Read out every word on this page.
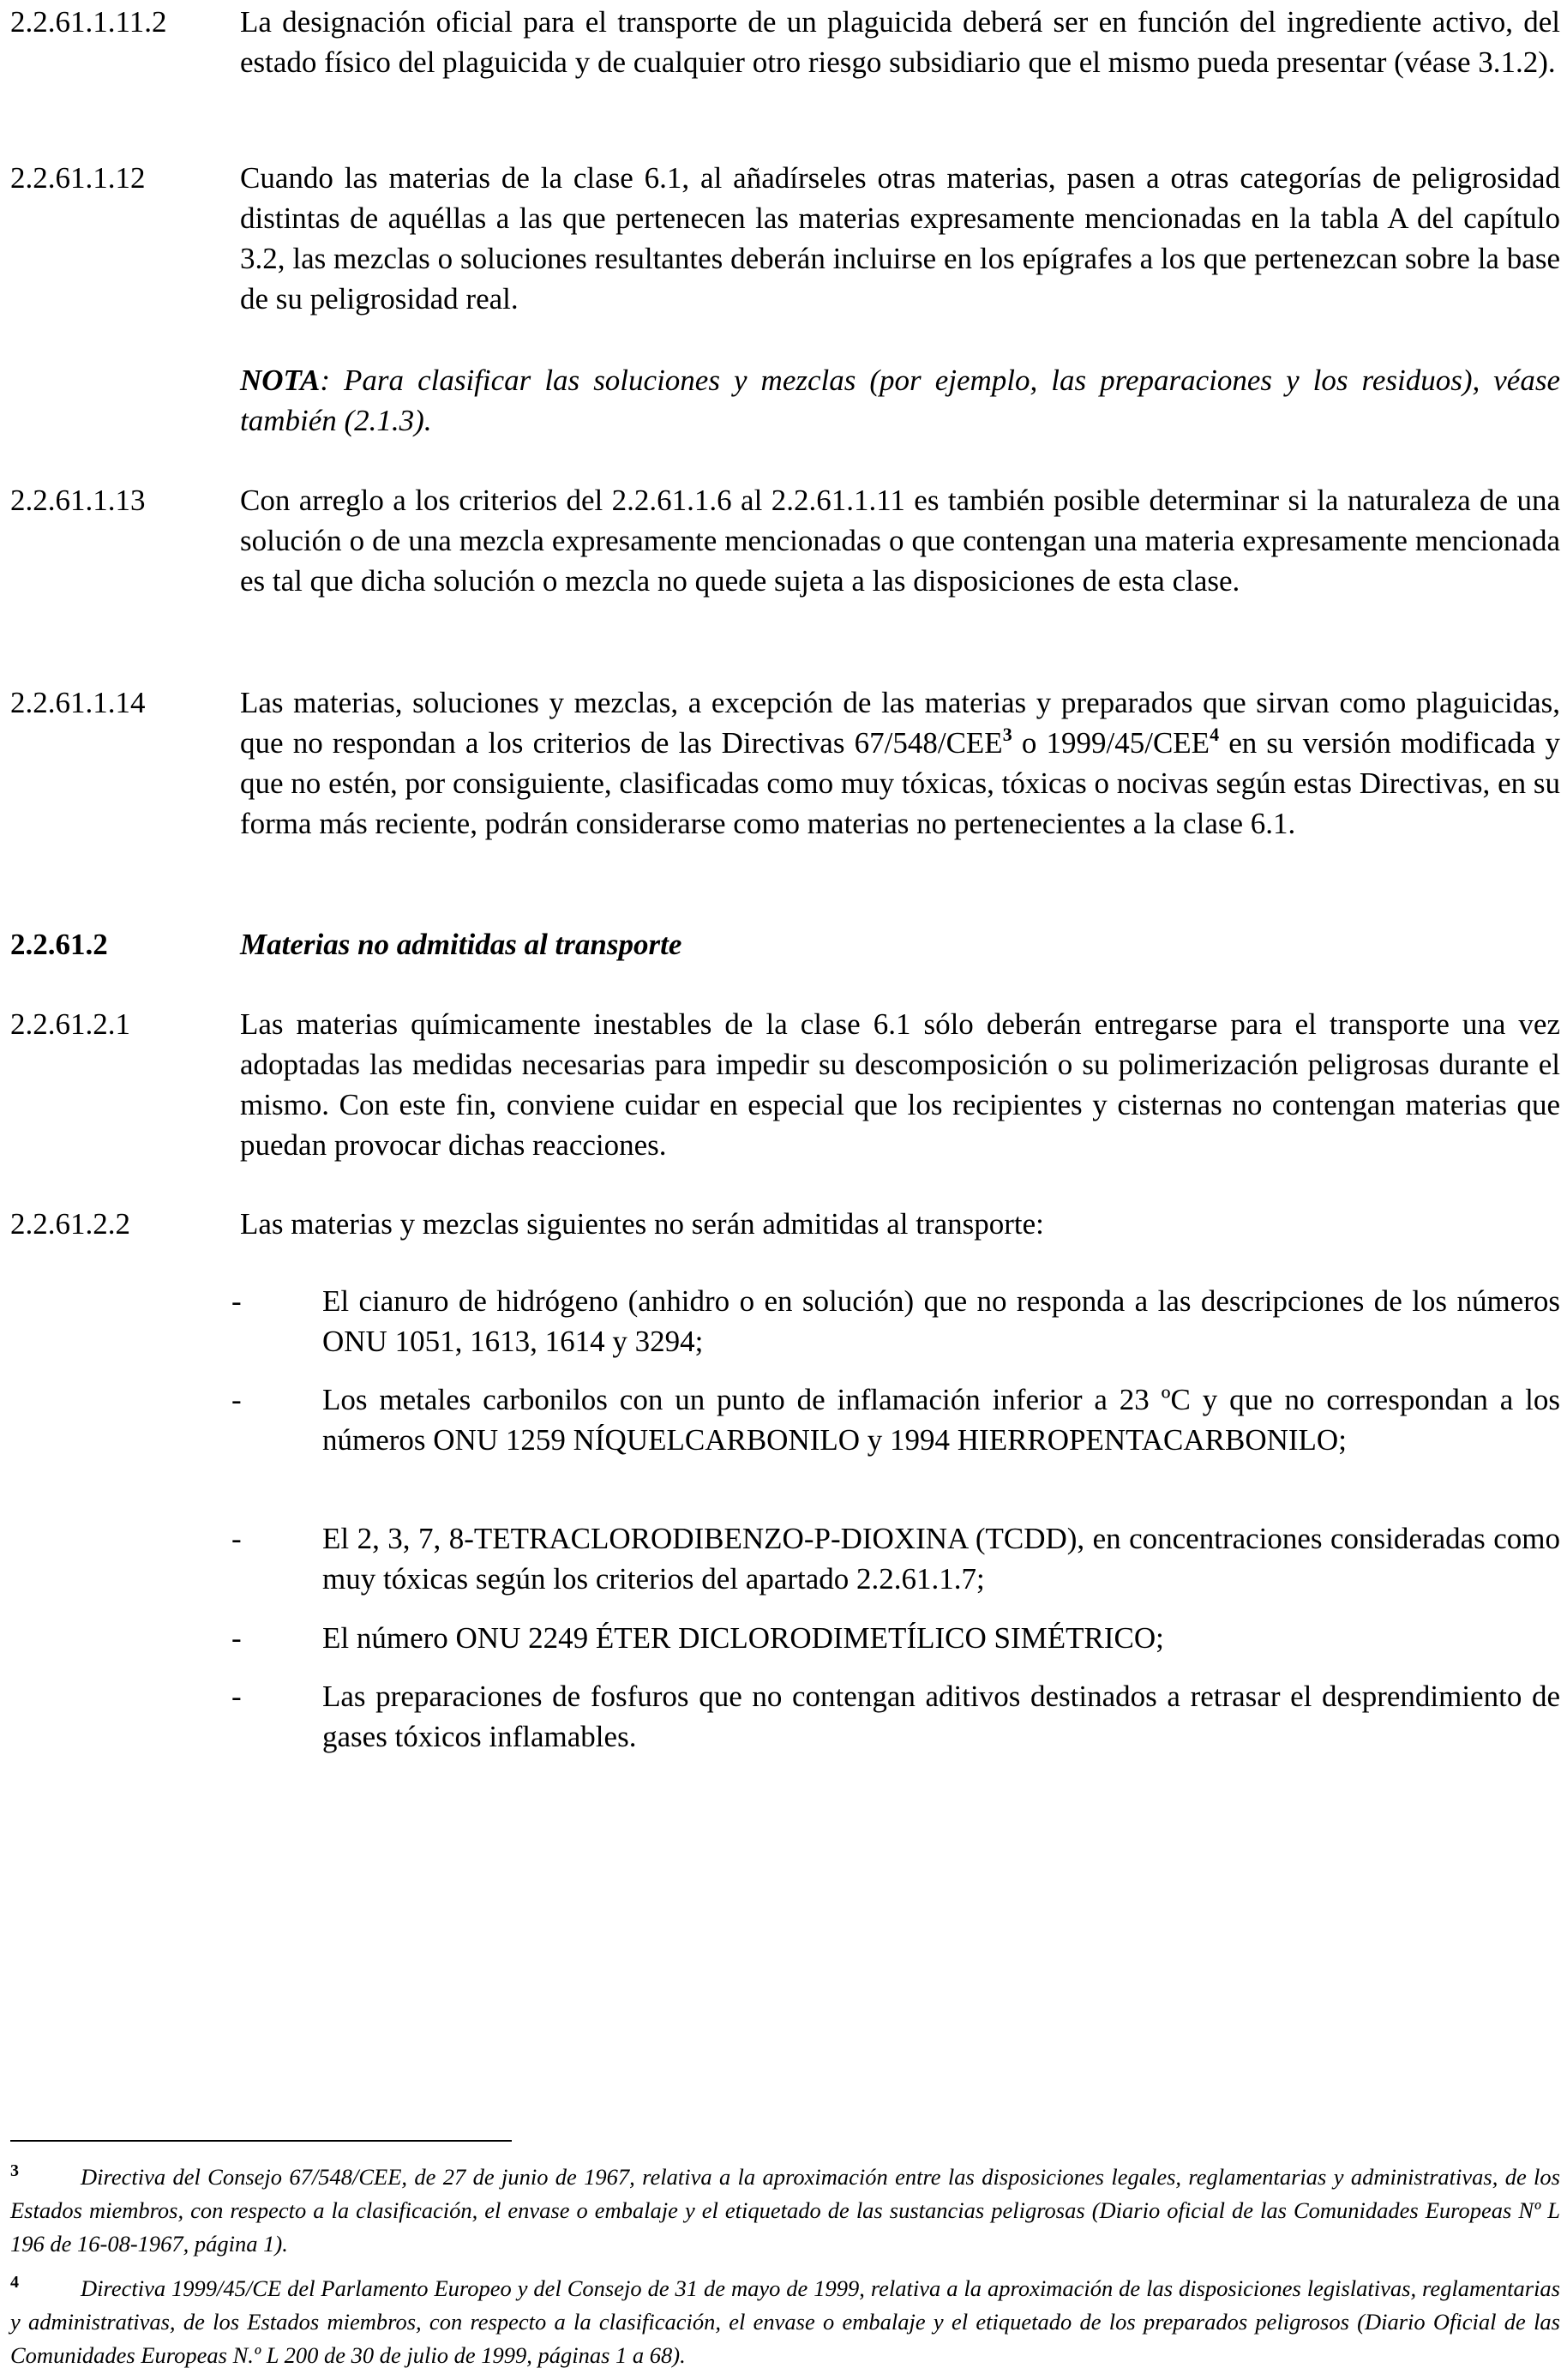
2.2.61.1.11.2	La designación oficial para el transporte de un plaguicida deberá ser en función del ingrediente activo, del estado físico del plaguicida y de cualquier otro riesgo subsidiario que el mismo pueda presentar (véase 3.1.2).
2.2.61.1.12	Cuando las materias de la clase 6.1, al añadírseles otras materias, pasen a otras categorías de peligrosidad distintas de aquéllas a las que pertenecen las materias expresamente mencionadas en la tabla A del capítulo 3.2, las mezclas o soluciones resultantes deberán incluirse en los epígrafes a los que pertenezcan sobre la base de su peligrosidad real.
NOTA: Para clasificar las soluciones y mezclas (por ejemplo, las preparaciones y los residuos), véase también (2.1.3).
2.2.61.1.13	Con arreglo a los criterios del 2.2.61.1.6 al 2.2.61.1.11 es también posible determinar si la naturaleza de una solución o de una mezcla expresamente mencionadas o que contengan una materia expresamente mencionada es tal que dicha solución o mezcla no quede sujeta a las disposiciones de esta clase.
2.2.61.1.14	Las materias, soluciones y mezclas, a excepción de las materias y preparados que sirvan como plaguicidas, que no respondan a los criterios de las Directivas 67/548/CEE$^3$ o 1999/45/CEE$^4$ en su versión modificada y que no estén, por consiguiente, clasificadas como muy tóxicas, tóxicas o nocivas según estas Directivas, en su forma más reciente, podrán considerarse como materias no pertenecientes a la clase 6.1.
2.2.61.2	Materias no admitidas al transporte
2.2.61.2.1	Las materias químicamente inestables de la clase 6.1 sólo deberán entregarse para el transporte una vez adoptadas las medidas necesarias para impedir su descomposición o su polimerización peligrosas durante el mismo. Con este fin, conviene cuidar en especial que los recipientes y cisternas no contengan materias que puedan provocar dichas reacciones.
2.2.61.2.2	Las materias y mezclas siguientes no serán admitidas al transporte:
-	El cianuro de hidrógeno (anhidro o en solución) que no responda a las descripciones de los números ONU 1051, 1613, 1614 y 3294;
-	Los metales carbonilos con un punto de inflamación inferior a 23 ºC y que no correspondan a los números ONU 1259 NÍQUELCARBONILO y 1994 HIERROPENTACARBONILO;
-	El 2, 3, 7, 8-TETRACLORODIBENZO-P-DIOXINA (TCDD), en concentraciones consideradas como muy tóxicas según los criterios del apartado 2.2.61.1.7;
-	El número ONU 2249 ÉTER DICLORODIMETÍLICO SIMÉTRICO;
-	Las preparaciones de fosfuros que no contengan aditivos destinados a retrasar el desprendimiento de gases tóxicos inflamables.
3	Directiva del Consejo 67/548/CEE, de 27 de junio de 1967, relativa a la aproximación entre las disposiciones legales, reglamentarias y administrativas, de los Estados miembros, con respecto a la clasificación, el envase o embalaje y el etiquetado de las sustancias peligrosas (Diario oficial de las Comunidades Europeas Nº L 196 de 16-08-1967, página 1).
4	Directiva 1999/45/CE del Parlamento Europeo y del Consejo de 31 de mayo de 1999, relativa a la aproximación de las disposiciones legislativas, reglamentarias y administrativas, de los Estados miembros, con respecto a la clasificación, el envase o embalaje y el etiquetado de los preparados peligrosos (Diario Oficial de las Comunidades Europeas N.º L 200 de 30 de julio de 1999, páginas 1 a 68).
